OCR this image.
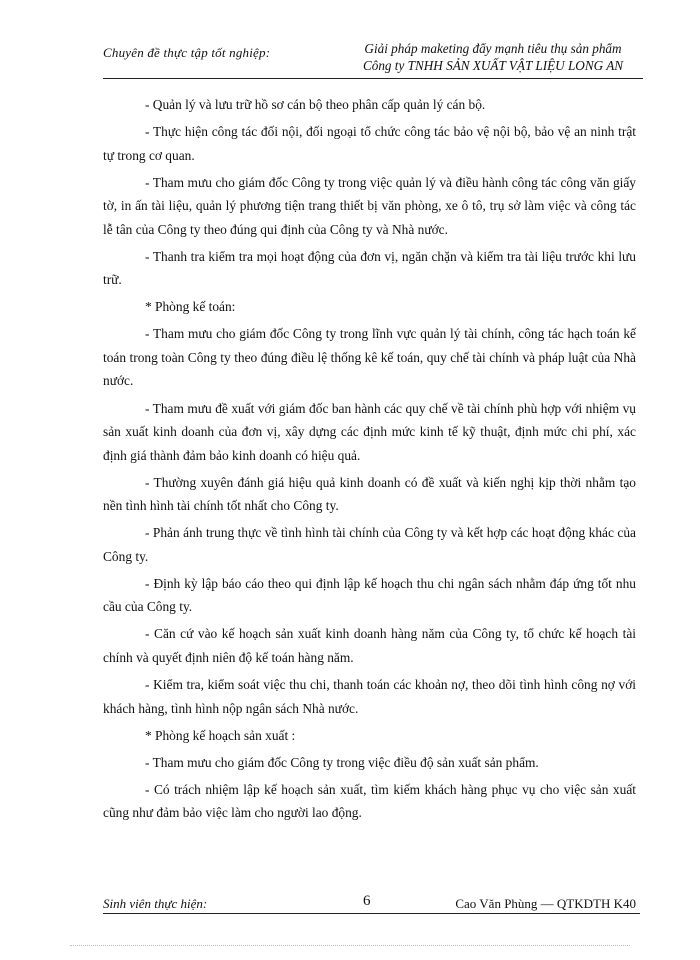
Chuyên đề thực tập tốt nghiệp:	Giải pháp maketing đẩy mạnh tiêu thụ sản phẩm
Công ty TNHH SẢN XUẤT VẬT LIỆU LONG AN

- Quản lý và lưu trữ hồ sơ cán bộ theo phân cấp quản lý cán bộ.

- Thực hiện công tác đối nội, đối ngoại tổ chức công tác bảo vệ nội bộ, bảo vệ an ninh trật tự trong cơ quan.

- Tham mưu cho giám đốc Công ty trong việc quản lý và điều hành công tác công văn giấy tờ, in ấn tài liệu, quản lý phương tiện trang thiết bị văn phòng, xe ô tô, trụ sở làm việc và công tác lễ tân của Công ty theo đúng qui định của Công ty và Nhà nước.

- Thanh tra kiểm tra mọi hoạt động của đơn vị, ngăn chặn và kiểm tra tài liệu trước khi lưu trữ.

* Phòng kế toán:

- Tham mưu cho giám đốc Công ty trong lĩnh vực quản lý tài chính, công tác hạch toán kế toán trong toàn Công ty theo đúng điều lệ thống kê kế toán, quy chế tài chính và pháp luật của Nhà nước.

- Tham mưu đề xuất với giám đốc ban hành các quy chế về tài chính phù hợp với nhiệm vụ sản xuất kinh doanh của đơn vị, xây dựng các định mức kinh tế kỹ thuật, định mức chi phí, xác định giá thành đảm bảo kinh doanh có hiệu quả.

- Thường xuyên đánh giá hiệu quả kinh doanh có đề xuất và kiến nghị kịp thời nhằm tạo nền tình hình tài chính tốt nhất cho Công ty.

- Phản ánh trung thực về tình hình tài chính của Công ty và kết hợp các hoạt động khác của Công ty.

- Định kỳ lập báo cáo theo qui định lập kế hoạch thu chi ngân sách nhằm đáp ứng tốt nhu cầu của Công ty.

- Căn cứ vào kế hoạch sản xuất kinh doanh hàng năm của Công ty, tổ chức kế hoạch tài chính và quyết định niên độ kế toán hàng năm.

- Kiểm tra, kiểm soát việc thu chi, thanh toán các khoản nợ, theo dõi tình hình công nợ với khách hàng, tình hình nộp ngân sách Nhà nước.

* Phòng kế hoạch sản xuất :

- Tham mưu cho giám đốc Công ty trong việc điều độ sản xuất sản phẩm.

- Có trách nhiệm lập kế hoạch sản xuất, tìm kiếm khách hàng phục vụ cho việc sản xuất cũng như đảm bảo việc làm cho người lao động.

Sinh viên thực hiện:	6	Cao Văn Phùng — QTKDTH K40
